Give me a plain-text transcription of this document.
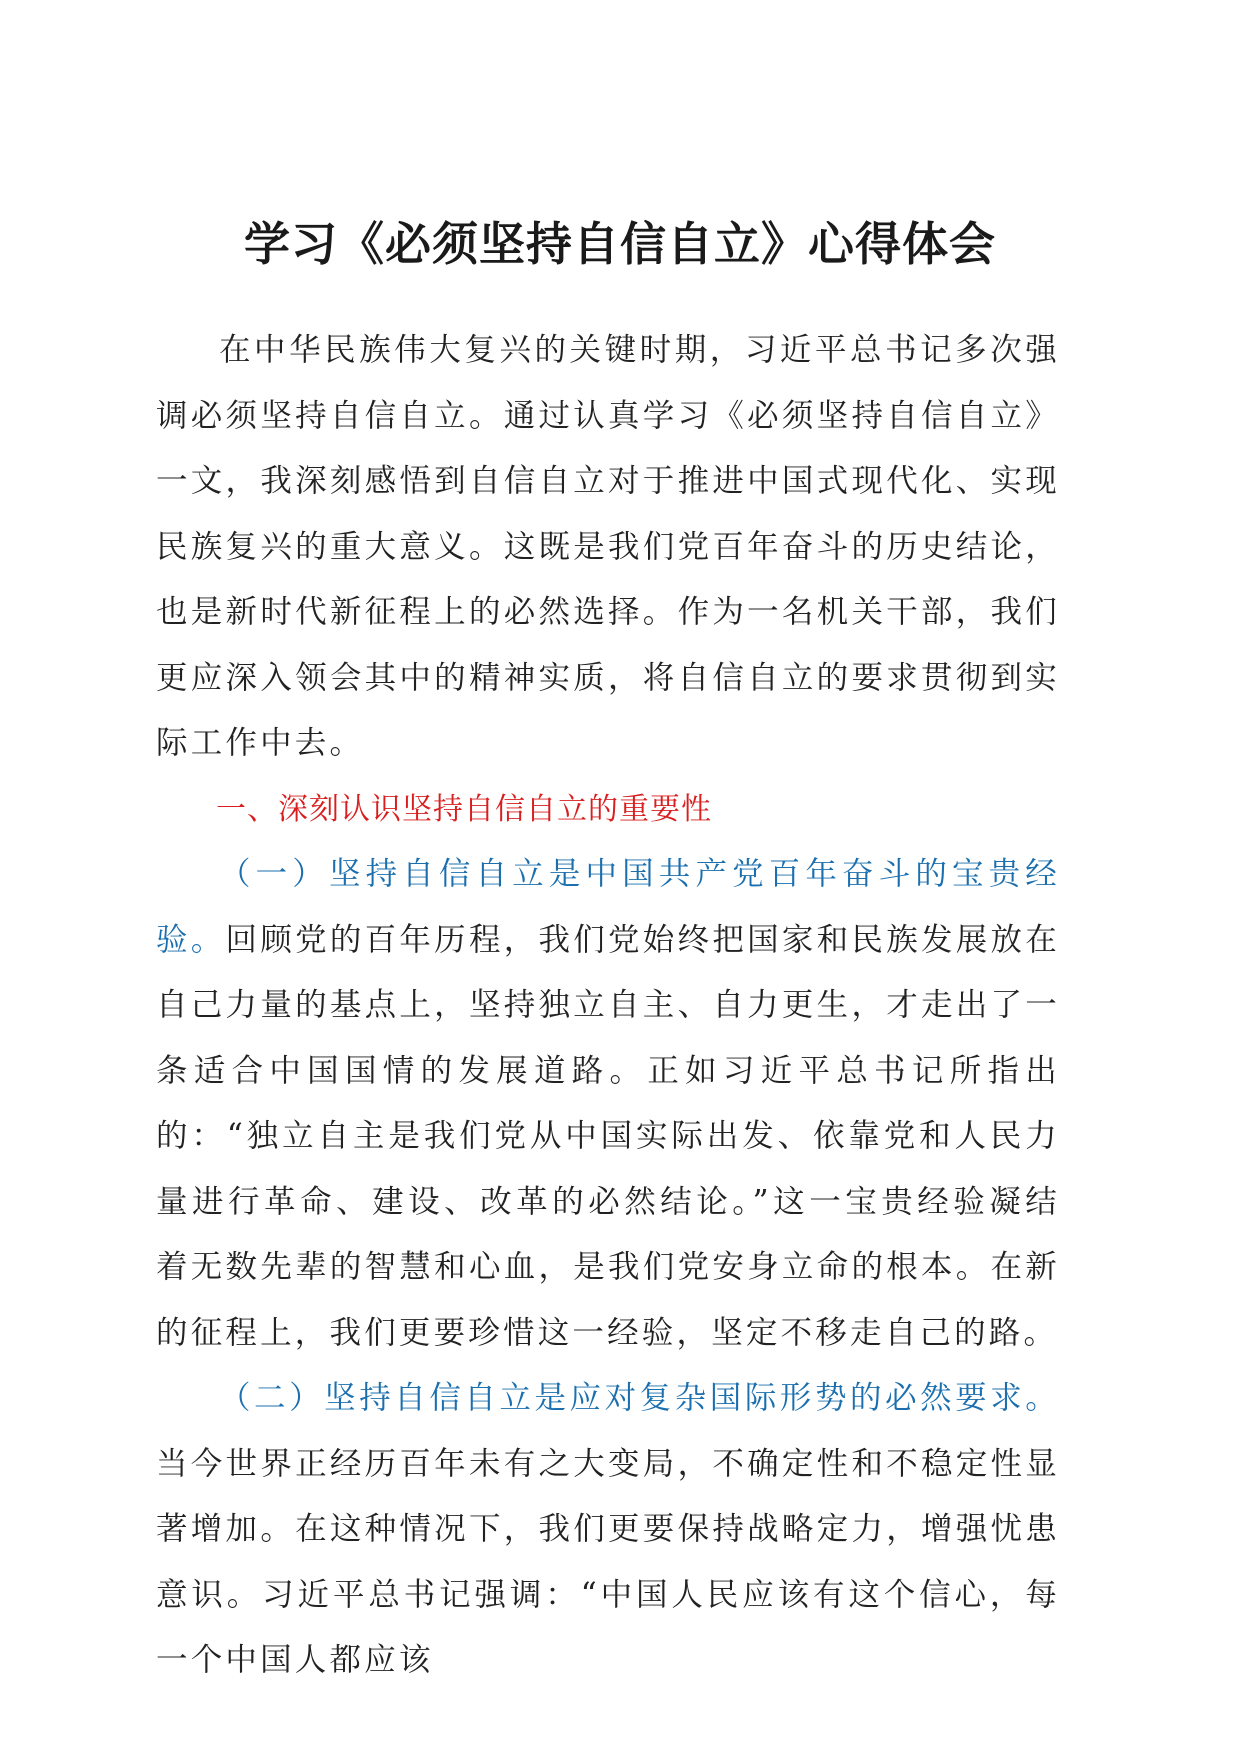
学习《必须坚持自信自立》心得体会

在中华民族伟大复兴的关键时期，习近平总书记多次强调必须坚持自信自立。通过认真学习《必须坚持自信自立》一文，我深刻感悟到自信自立对于推进中国式现代化、实现民族复兴的重大意义。这既是我们党百年奋斗的历史结论，也是新时代新征程上的必然选择。作为一名机关干部，我们更应深入领会其中的精神实质，将自信自立的要求贯彻到实际工作中去。

一、深刻认识坚持自信自立的重要性

（一）坚持自信自立是中国共产党百年奋斗的宝贵经验。回顾党的百年历程，我们党始终把国家和民族发展放在自己力量的基点上，坚持独立自主、自力更生，才走出了一条适合中国国情的发展道路。正如习近平总书记所指出的：“独立自主是我们党从中国实际出发、依靠党和人民力量进行革命、建设、改革的必然结论。”这一宝贵经验凝结着无数先辈的智慧和心血，是我们党安身立命的根本。在新的征程上，我们更要珍惜这一经验，坚定不移走自己的路。

（二）坚持自信自立是应对复杂国际形势的必然要求。当今世界正经历百年未有之大变局，不确定性和不稳定性显著增加。在这种情况下，我们更要保持战略定力，增强忧患意识。习近平总书记强调：“中国人民应该有这个信心，每一个中国人都应该
